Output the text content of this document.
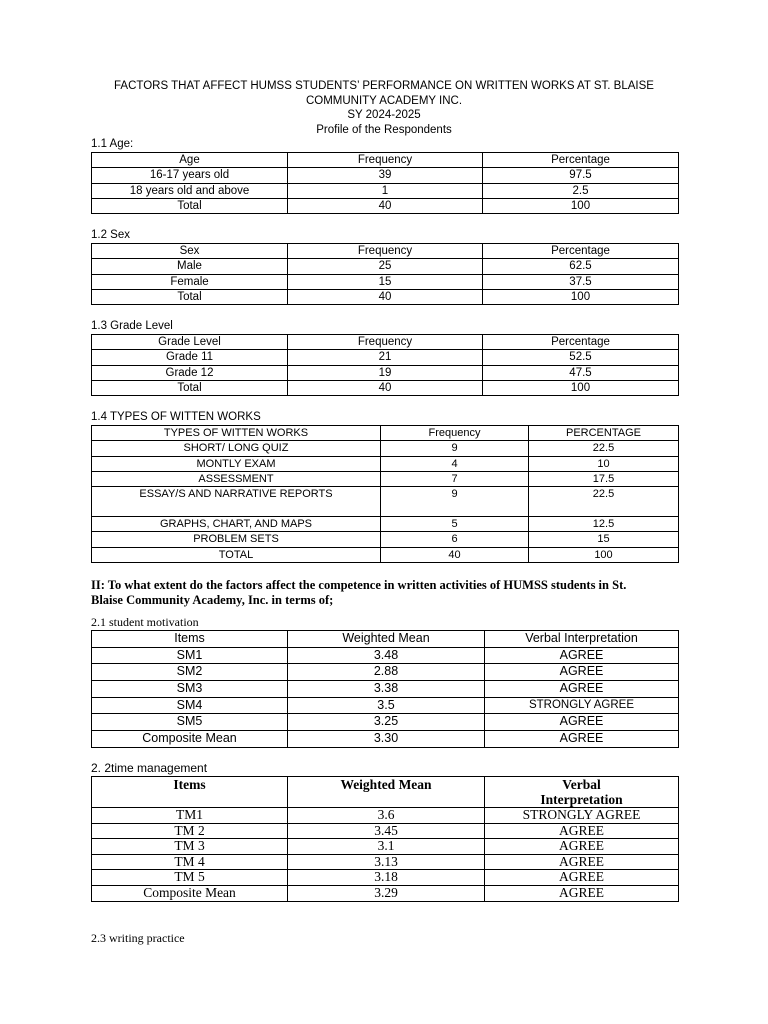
FACTORS THAT AFFECT HUMSS STUDENTS’ PERFORMANCE ON WRITTEN WORKS AT ST. BLAISE
COMMUNITY ACADEMY INC.
SY 2024-2025
Profile of the Respondents
1.1 Age:
Age	Frequency	Percentage
16-17 years old	39	97.5
18 years old and above	1	2.5
Total	40	100
1.2 Sex
Sex	Frequency	Percentage
Male	25	62.5
Female	15	37.5
Total	40	100
1.3 Grade Level
Grade Level	Frequency	Percentage
Grade 11	21	52.5
Grade 12	19	47.5
Total	40	100
1.4 TYPES OF WITTEN WORKS
TYPES OF WITTEN WORKS	Frequency	PERCENTAGE
SHORT/ LONG QUIZ	9	22.5
MONTLY EXAM	4	10
ASSESSMENT	7	17.5
ESSAY/S AND NARRATIVE REPORTS	9	22.5
GRAPHS, CHART, AND MAPS	5	12.5
PROBLEM SETS	6	15
TOTAL	40	100
II: To what extent do the factors affect the competence in written activities of HUMSS students in St.
Blaise Community Academy, Inc. in terms of;
2.1 student motivation
Items	Weighted Mean	Verbal Interpretation
SM1	3.48	AGREE
SM2	2.88	AGREE
SM3	3.38	AGREE
SM4	3.5	STRONGLY AGREE
SM5	3.25	AGREE
Composite Mean	3.30	AGREE
2. 2time management
Items	Weighted Mean	Verbal
Interpretation

TM1	3.6	STRONGLY AGREE
TM 2	3.45	AGREE
TM 3	3.1	AGREE
TM 4	3.13	AGREE
TM 5	3.18	AGREE
Composite Mean	3.29	AGREE
2.3 writing practice
